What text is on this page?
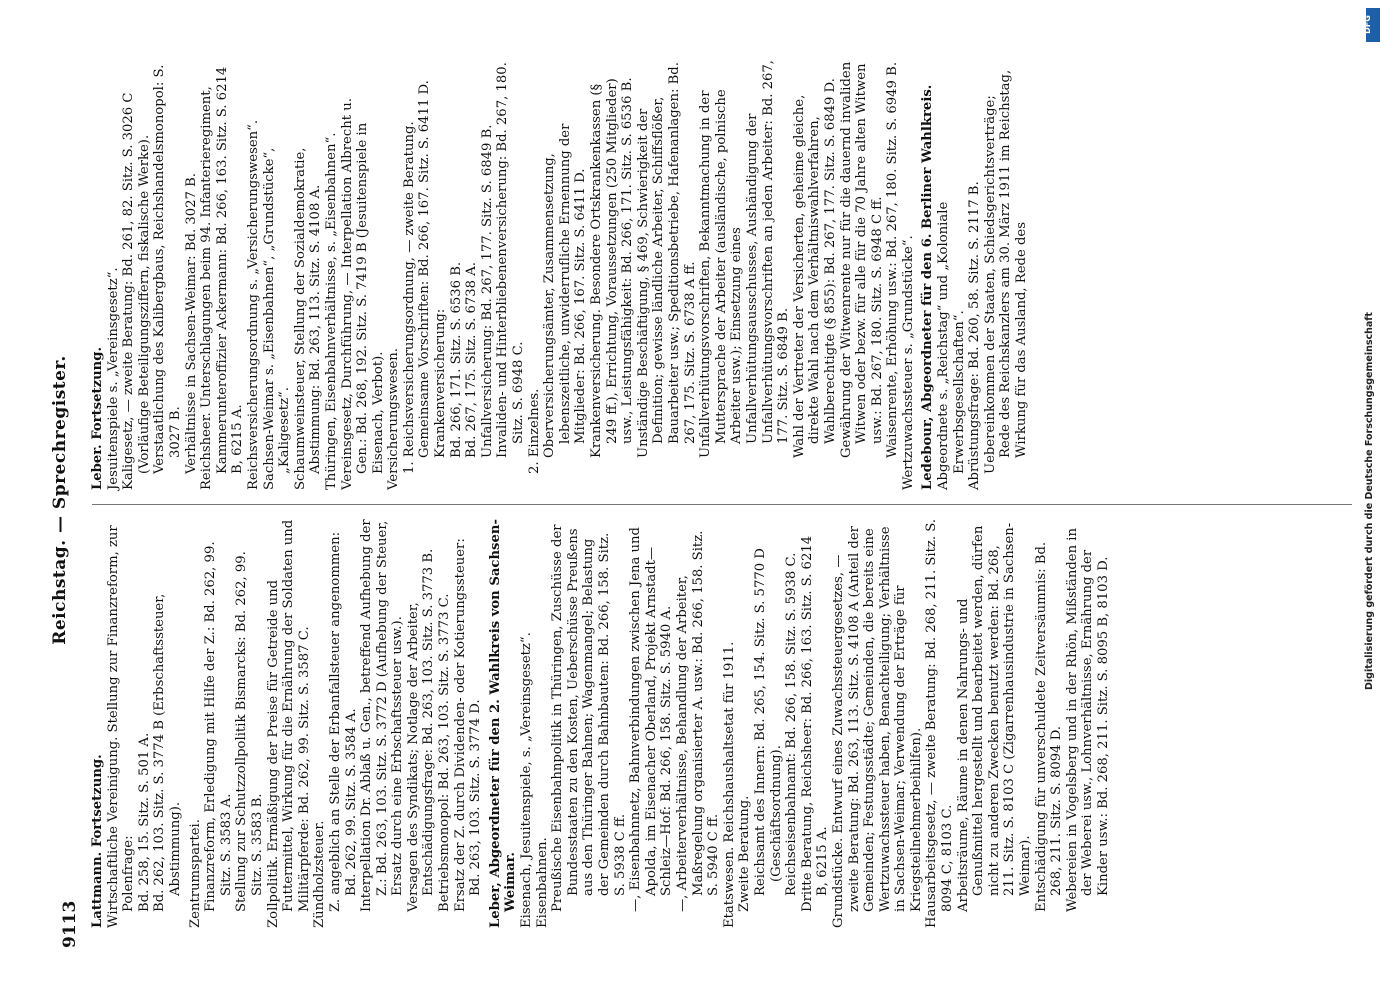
9113
Reichstag. — Sprechregister.
Lattmann. Fortsetzung. Wirtschaftliche Vereinigung. Stellung zur Finanzreform, zur Polenfrage: Bd. 258, 15. Sitz. S. 501 A. Bd. 262, 103. Sitz. S. 3774 B (Erbschaftssteuer, Abstimmung). Zentrumspartei. Finanzreform, Erledigung mit Hilfe der Z.: Bd. 262, 99. Sitz. S. 3583 A. Stellung zur Schutzzollpolitik Bismarcks: Bd. 262, 99. Sitz. S. 3583 B. Zollpolitik. Ermäßigung der Preise für Getreide und Futtermittel, Wirkung für die Ernährung der Soldaten und Militärpferde: Bd. 262, 99. Sitz. S. 3587 C. Zündholzsteuer. Z. angeblich an Stelle der Erbanfallsteuer angenommen: Bd. 262, 99. Sitz. S. 3584 A. Interpellation Dr. Ablaß u. Gen., betreffend Aufhebung der Z.: Bd. 263, 103. Sitz. S. 3772 D (Aufhebung der Steuer, Ersatz durch eine Erbschaftssteuer usw.). Versagen des Syndikats; Notlage der Arbeiter, Entschädigungsfrage: Bd. 263, 103. Sitz. S. 3773 B. Betriebsmonopol: Bd. 263, 103. Sitz. S. 3773 C. Ersatz der Z. durch Dividenden- oder Kotierungssteuer: Bd. 263, 103. Sitz. S. 3774 D. Leber, Abgeordneter für den 2. Wahlkreis von Sachsen-Weimar. Eisenach, Jesuitenspiele, s. „Vereinsgesetz“. Eisenbahnen. Preußische Eisenbahnpolitik in Thüringen, Zuschüsse der Bundesstaaten zu den Kosten, Ueberschüsse Preußens aus den Thüringer Bahnen; Wagenmangel; Belastung der Gemeinden durch Bahnbauten: Bd. 266, 158. Sitz. S. 5938 C ff. —, Eisenbahnnetz, Bahnverbindungen zwischen Jena und Apolda, im Eisenacher Oberland, Projekt Arnstadt—Schleiz—Hof: Bd. 266, 158. Sitz. S. 5940 A. —, Arbeiterverhältnisse, Behandlung der Arbeiter, Maßregelung organisierter A. usw.: Bd. 266, 158. Sitz. S. 5940 C ff. Etatswesen. Reichshaushaltsetat für 1911. Zweite Beratung. Reichsamt des Innern: Bd. 265, 154. Sitz. S. 5770 D (Geschäftsordnung). Reichseisenbahnamt: Bd. 266, 158. Sitz. S. 5938 C. Dritte Beratung, Reichsheer: Bd. 266, 163. Sitz. S. 6214 B, 6215 A. Grundstücke. Entwurf eines Zuwachssteuergesetzes, — zweite Beratung: Bd. 263, 113. Sitz. S. 4108 A (Anteil der Gemeinden; Festungsstädte; Gemeinden, die bereits eine Wertzuwachssteuer haben, Benachteiligung; Verhältnisse in Sachsen-Weimar; Verwendung der Erträge für Kriegsteilnehmerbeihilfen). Hausarbeitsgesetz, — zweite Beratung: Bd. 268, 211. Sitz. S. 8094 C, 8103 C. Arbeitsräume, Räume in denen Nahrungs- und Genußmittel hergestellt und bearbeitet werden, dürfen nicht zu anderen Zwecken benutzt werden: Bd. 268, 211. Sitz. S. 8103 C (Zigarrenhausindustrie in Sachsen-Weimar). Entschädigung für unverschuldete Zeitversäumnis: Bd. 268, 211. Sitz. S. 8094 D. Webereien in Vogelsberg und in der Rhön, Mißständen in der Weberei usw., Lohnverhältnisse, Ernährung der Kinder usw.: Bd. 268, 211. Sitz. S. 8095 B, 8103 D.
Leber. Fortsetzung. Jesuitenspiele s. „Vereinsgesetz“. Kaligesetz, — zweite Beratung: Bd. 261, 82. Sitz. S. 3026 C (Vorläufige Beteiligungsziffern, fiskalische Werke). Verstaatlichung des Kalibergbaus, Reichshandelsmonopol: S. 3027 B. Verhältnisse in Sachsen-Weimar: Bd. 3027 B. Reichsheer. Unterschlagungen beim 94. Infanterieregiment, Kammerunteroffizier Ackermann: Bd. 266, 163. Sitz. S. 6214 B, 6215 A. Reichsversicherungsordnung s. „Versicherungswesen“. Sachsen-Weimar s. „Eisenbahnen“, „Grundstücke“, „Kaligesetz“. Schaumweinsteuer, Stellung der Sozialdemokratie, Abstimmung: Bd. 263, 113. Sitz. S. 4108 A. Thüringen, Eisenbahnverhältnisse, s. „Eisenbahnen“. Vereinsgesetz, Durchführung, — Interpellation Albrecht u. Gen.: Bd. 268, 192. Sitz. S. 7419 B (Jesuitenspiele in Eisenach, Verbot). Versicherungswesen. 1. Reichsversicherungsordnung, — zweite Beratung. Gemeinsame Vorschriften: Bd. 266, 167. Sitz. S. 6411 D. Krankenversicherung: Bd. 266, 171. Sitz. S. 6536 B. Bd. 267, 175. Sitz. S. 6738 A. Unfallversicherung: Bd. 267, 177. Sitz. S. 6849 B. Invaliden- und Hinterbliebenenversicherung: Bd. 267, 180. Sitz. S. 6948 C. 2. Einzelnes. Oberversicherungsämter, Zusammensetzung, lebenszeitliche, unwiderrufliche Ernennung der Mitglieder: Bd. 266, 167. Sitz. S. 6411 D. Krankenversicherung. Besondere Ortskrankenkassen (§ 249 ff.), Errichtung, Voraussetzungen (250 Mitglieder) usw., Leistungsfähigkeit: Bd. 266, 171. Sitz. S. 6536 B. Unständige Beschäftigung, § 469, Schwierigkeit der Definition; gewisse ländliche Arbeiter, Schiffsflößer, Bauarbeiter usw.; Speditionsbetriebe, Hafenanlagen: Bd. 267, 175. Sitz. S. 6738 A ff. Unfallverhütungsvorschriften, Bekanntmachung in der Muttersprache der Arbeiter (ausländische, polnische Arbeiter usw.); Einsetzung eines Unfallverhütungsausschusses, Aushändigung der Unfallverhütungsvorschriften an jeden Arbeiter: Bd. 267, 177. Sitz. S. 6849 B. Wahl der Vertreter der Versicherten, geheime gleiche, direkte Wahl nach dem Verhältniswahlverfahren, Wahlberechtigte (§ 855): Bd. 267, 177. Sitz. S. 6849 D. Gewährung der Witwenrente nur für die dauernd invaliden Witwen oder bezw. für alle für die 70 Jahre alten Witwen usw.: Bd. 267, 180. Sitz. S. 6948 C ff. Waisenrente, Erhöhung usw.: Bd. 267, 180. Sitz. S. 6949 B. Wertzuwachssteuer s. „Grundstücke“. Ledebour, Abgeordneter für den 6. Berliner Wahlkreis. Abgeordnete s. „Reichstag“ und „Koloniale Erwerbsgesellschaften“. Abrüstungsfrage: Bd. 260, 58. Sitz. S. 2117 B. Uebereinkommen der Staaten, Schiedsgerichtsverträge; Rede des Reichskanzlers am 30. März 1911 im Reichstag, Wirkung für das Ausland, Rede des
DFG
Digitalisierung gefördert durch die Deutsche Forschungsgemeinschaft
